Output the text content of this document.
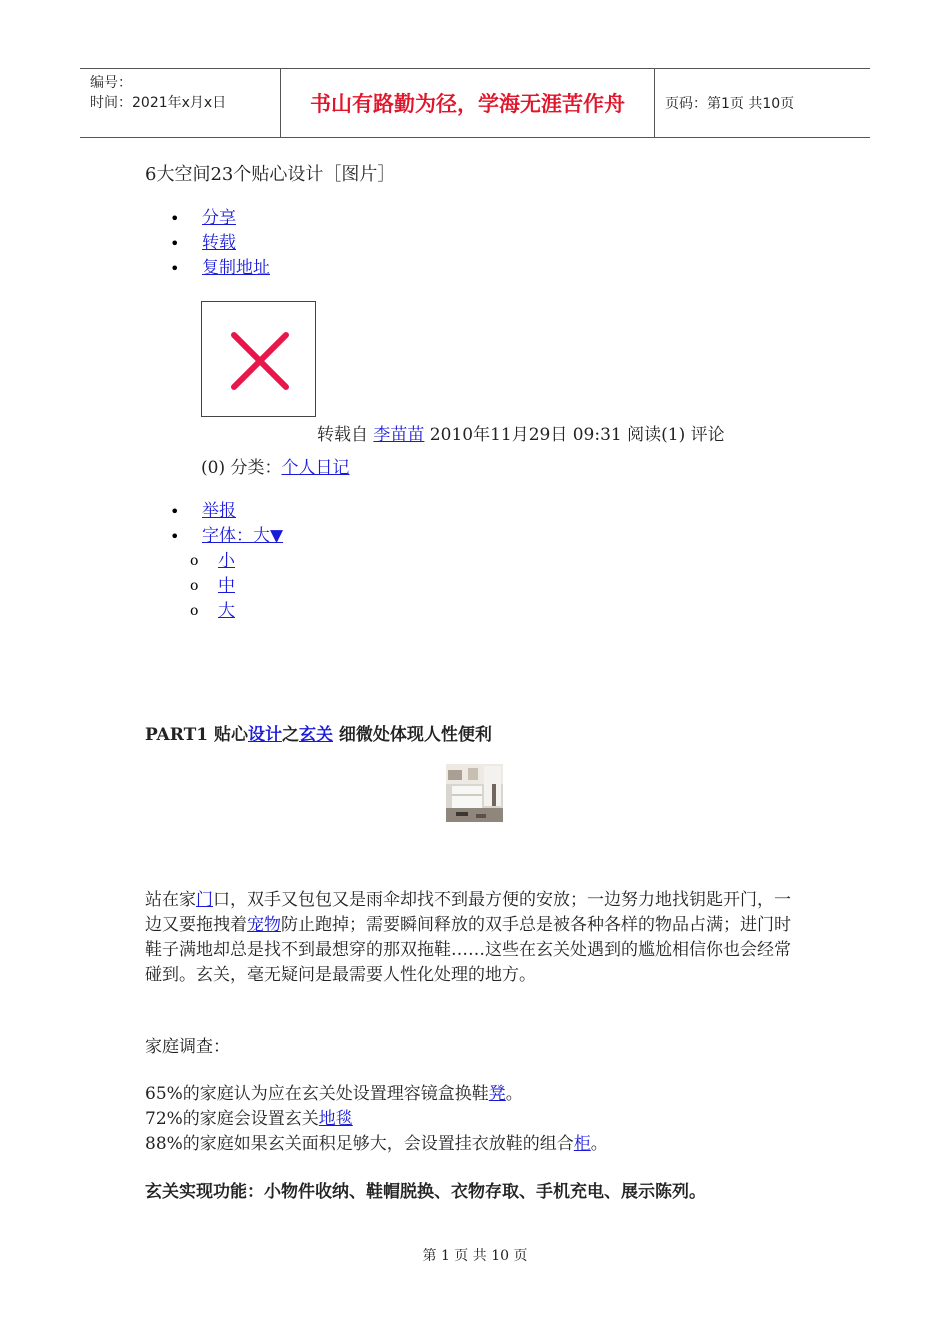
编号：
时间：2021年x月x日	书山有路勤为径，学海无涯苦作舟	页码：第1页 共10页
6大空间23个贴心设计［图片］
• 分享
• 转载
• 复制地址
转载自 李苗苗 2010年11月29日 09:31 阅读(1) 评论
(0) 分类：个人日记
• 举报
• 字体：大▼
o 小
o 中
o 大
PART1 贴心设计之玄关 细微处体现人性便利
站在家门口，双手又包包又是雨伞却找不到最方便的安放；一边努力地找钥匙开门，一边又要拖拽着宠物防止跑掉；需要瞬间释放的双手总是被各种各样的物品占满；进门时鞋子满地却总是找不到最想穿的那双拖鞋……这些在玄关处遇到的尴尬相信你也会经常碰到。玄关，毫无疑问是最需要人性化处理的地方。
家庭调查：
65%的家庭认为应在玄关处设置理容镜盒换鞋凳。
72%的家庭会设置玄关地毯
88%的家庭如果玄关面积足够大，会设置挂衣放鞋的组合柜。
玄关实现功能：小物件收纳、鞋帽脱换、衣物存取、手机充电、展示陈列。
第 1 页 共 10 页
